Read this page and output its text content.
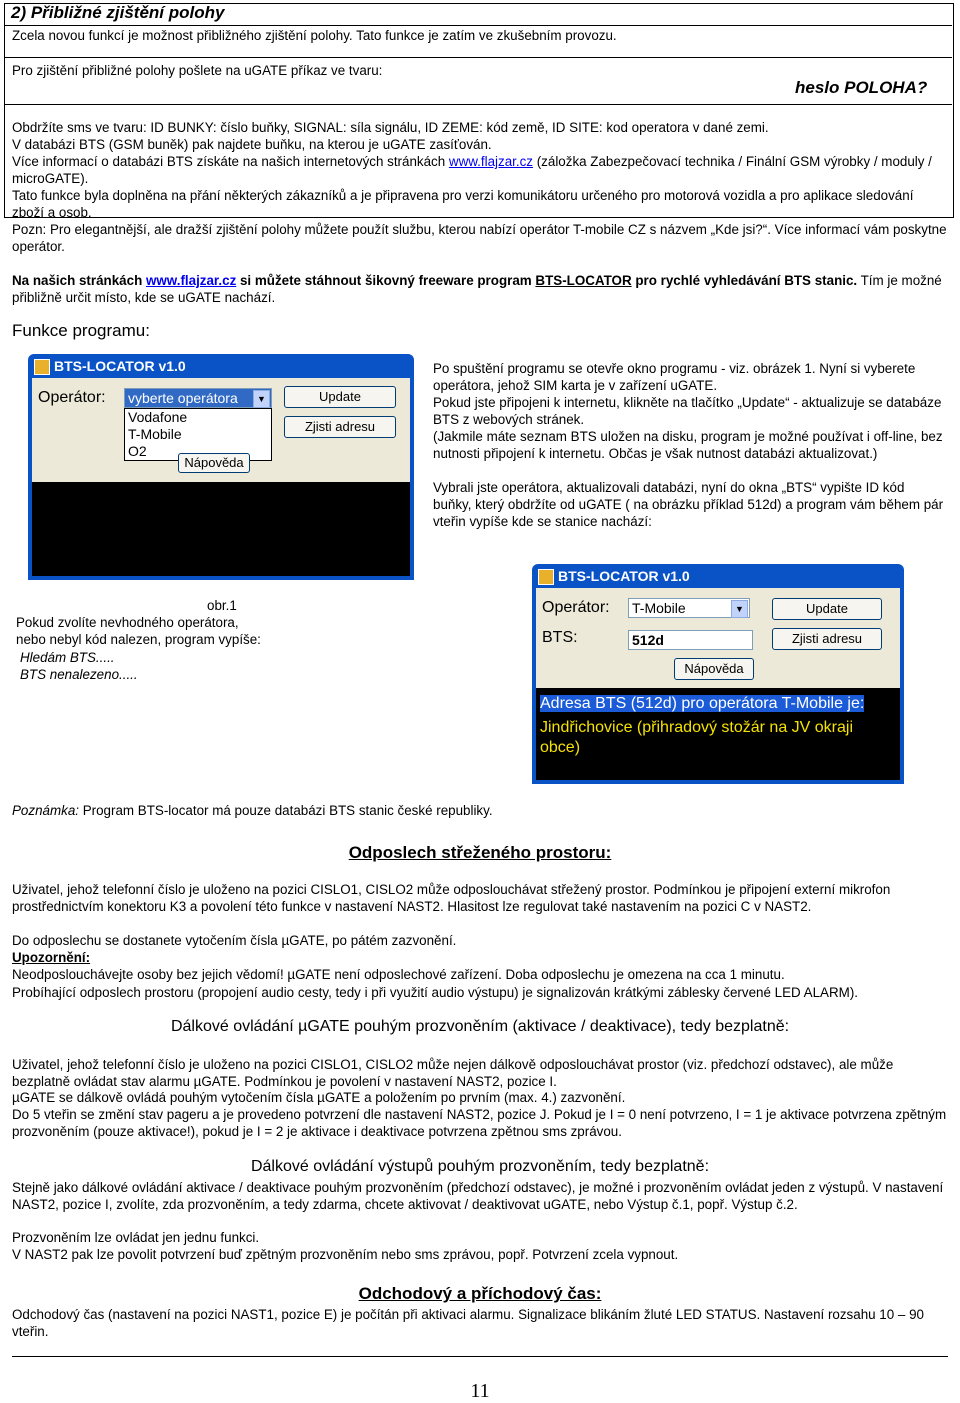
2) Přibližné zjištění polohy

Zcela novou funkcí je možnost přibližného zjištění polohy. Tato funkce je zatím ve zkušebním provozu.

Pro zjištění přibližné polohy pošlete na uGATE příkaz ve tvaru:

heslo POLOHA?

Obdržíte sms ve tvaru: ID BUNKY: číslo buňky, SIGNAL: síla signálu, ID ZEME: kód země, ID SITE: kod operatora v dané zemi.

V databázi BTS (GSM buněk) pak najdete buňku, na kterou je uGATE zasíťován.

Více informací o databázi BTS získáte na našich internetových stránkách www.flajzar.cz (záložka Zabezpečovací technika / Finální GSM výrobky / moduly / microGATE).

Tato funkce byla doplněna na přání některých zákazníků a je připravena pro verzi komunikátoru určeného pro motorová vozidla a pro aplikace sledování zboží a osob.

Pozn: Pro elegantnější, ale dražší zjištění polohy můžete použít službu, kterou nabízí operátor T-mobile CZ s názvem „Kde jsi?“. Více informací vám poskytne operátor.

Na našich stránkách www.flajzar.cz si můžete stáhnout šikovný freeware program BTS-LOCATOR pro rychlé vyhledávání BTS stanic. Tím je možné přibližně určit místo, kde se uGATE nachází.

Funkce programu:
BTS-LOCATOR v1.0
Operátor: vyberte operátora	▼
Vodafone
T-Mobile
O2
Nápověda
Update
Zjisti adresu
Po spuštění programu se otevře okno programu - viz. obrázek 1. Nyní si vyberete operátora, jehož SIM karta je v zařízení uGATE.
Pokud jste připojeni k internetu, klikněte na tlačítko „Update“ - aktualizuje se databáze BTS z webových stránek.
(Jakmile máte seznam BTS uložen na disku, program je možné používat i off-line, bez nutnosti připojení k internetu. Občas je však nutnost databázi aktualizovat.)
Vybrali jste operátora, aktualizovali databázi, nyní do okna „BTS“ vypište ID kód buňky, který obdržíte od uGATE ( na obrázku příklad 512d) a program vám během pár vteřin vypíše kde se stanice nachází:
obr.1
Pokud zvolíte nevhodného operátora,
nebo nebyl kód nalezen, program vypíše:
Hledám BTS.....
BTS nenalezeno.....
BTS-LOCATOR v1.0
Operátor: T-Mobile	▼
BTS:	512d
Update
Zjisti adresu
Nápověda
Adresa BTS (512d) pro operátora T-Mobile je:
Jindřichovice (přihradový stožár na JV okraji obce)

Poznámka: Program BTS-locator má pouze databázi BTS stanic české republiky.

Odposlech střeženého prostoru:

Uživatel, jehož telefonní číslo je uloženo na pozici CISLO1, CISLO2 může odposlouchávat střežený prostor. Podmínkou je připojení externí mikrofon prostřednictvím konektoru K3 a povolení této funkce v nastavení NAST2. Hlasitost lze regulovat také nastavením na pozici C v NAST2.

Do odposlechu se dostanete vytočením čísla µGATE, po pátém zazvonění.

Upozornění:

Neodposlouchávejte osoby bez jejich vědomí! µGATE není odposlechové zařízení. Doba odposlechu je omezena na cca 1 minutu.

Probíhající odposlech prostoru (propojení audio cesty, tedy i při využití audio výstupu) je signalizován krátkými záblesky červené LED ALARM).

Dálkové ovládání µGATE pouhým prozvoněním (aktivace / deaktivace), tedy bezplatně:

Uživatel, jehož telefonní číslo je uloženo na pozici CISLO1, CISLO2 může nejen dálkově odposlouchávat prostor (viz. předchozí odstavec), ale může bezplatně ovládat stav alarmu µGATE. Podmínkou je povolení v nastavení NAST2, pozice I.

µGATE se dálkově ovládá pouhým vytočením čísla µGATE a položením po prvním (max. 4.) zazvonění.

Do 5 vteřin se změní stav pageru a je provedeno potvrzení dle nastavení NAST2, pozice J. Pokud je I = 0 není potvrzeno, I = 1 je aktivace potvrzena zpětným prozvoněním (pouze aktivace!), pokud je I = 2 je aktivace i deaktivace potvrzena zpětnou sms zprávou.

Dálkové ovládání výstupů pouhým prozvoněním, tedy bezplatně:

Stejně jako dálkové ovládání aktivace / deaktivace pouhým prozvoněním (předchozí odstavec), je možné i prozvoněním ovládat jeden z výstupů. V nastavení NAST2, pozice I, zvolíte, zda prozvoněním, a tedy zdarma, chcete aktivovat / deaktivovat uGATE, nebo Výstup č.1, popř. Výstup č.2.

Prozvoněním lze ovládat jen jednu funkci.

V NAST2 pak lze povolit potvrzení buď zpětným prozvoněním nebo sms zprávou, popř. Potvrzení zcela vypnout.

Odchodový a příchodový čas:

Odchodový čas (nastavení na pozici NAST1, pozice E) je počítán při aktivaci alarmu. Signalizace blikáním žluté LED STATUS. Nastavení rozsahu 10 – 90 vteřin.

11
